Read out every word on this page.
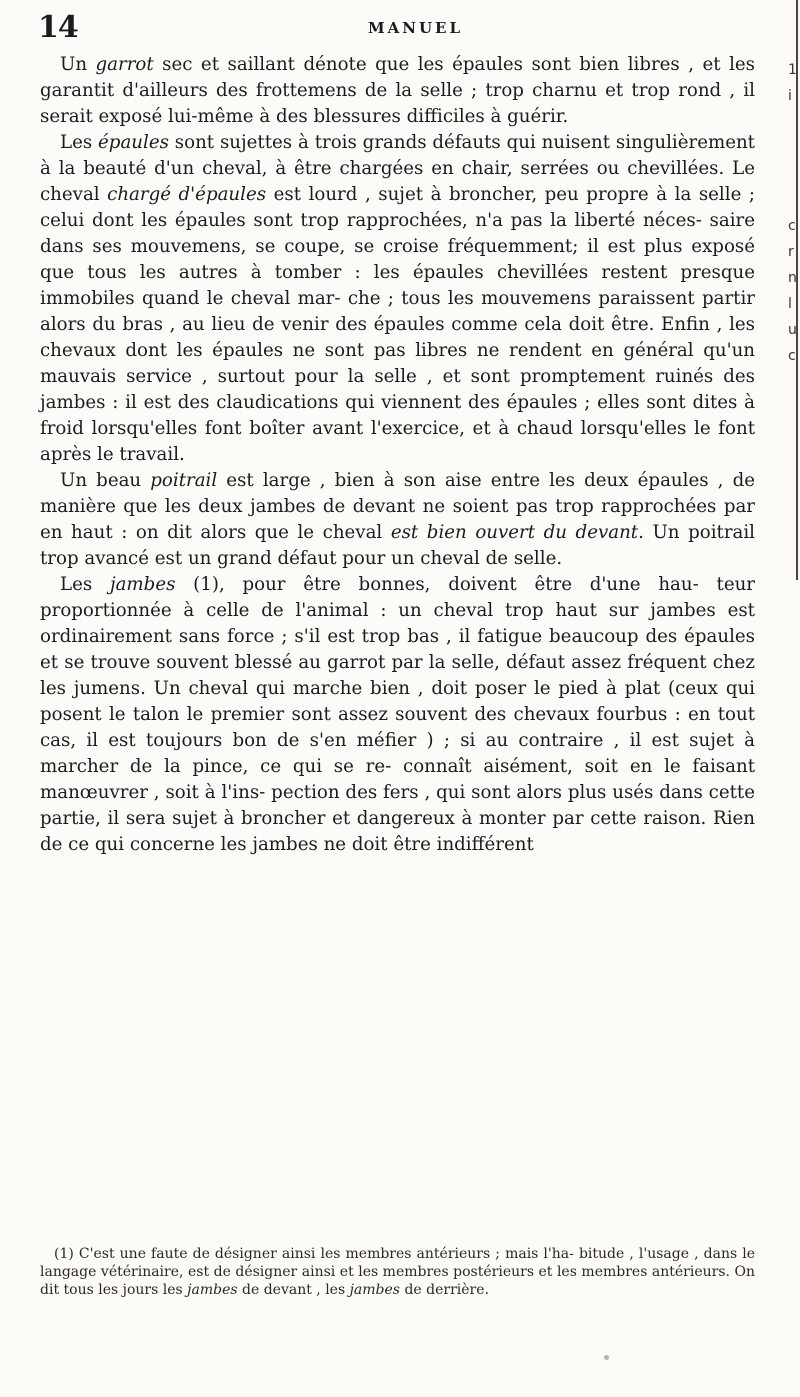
14	MANUEL

Un garrot sec et saillant dénote que les épaules sont bien libres , et les garantit d'ailleurs des frottemens de la selle ; trop charnu et trop rond , il serait exposé lui-même à des blessures difficiles à guérir.

Les épaules sont sujettes à trois grands défauts qui nuisent singulièrement à la beauté d'un cheval, à être chargées en chair, serrées ou chevillées. Le cheval chargé d'épaules est lourd , sujet à broncher, peu propre à la selle ; celui dont les épaules sont trop rapprochées, n'a pas la liberté néces- saire dans ses mouvemens, se coupe, se croise fréquemment; il est plus exposé que tous les autres à tomber : les épaules chevillées restent presque immobiles quand le cheval mar- che ; tous les mouvemens paraissent partir alors du bras , au lieu de venir des épaules comme cela doit être. Enfin , les chevaux dont les épaules ne sont pas libres ne rendent en général qu'un mauvais service , surtout pour la selle , et sont promptement ruinés des jambes : il est des claudications qui viennent des épaules ; elles sont dites à froid lorsqu'elles font boîter avant l'exercice, et à chaud lorsqu'elles le font après le travail.

Un beau poitrail est large , bien à son aise entre les deux épaules , de manière que les deux jambes de devant ne soient pas trop rapprochées par en haut : on dit alors que le cheval est bien ouvert du devant. Un poitrail trop avancé est un grand défaut pour un cheval de selle.

Les jambes (1), pour être bonnes, doivent être d'une hau- teur proportionnée à celle de l'animal : un cheval trop haut sur jambes est ordinairement sans force ; s'il est trop bas , il fatigue beaucoup des épaules et se trouve souvent blessé au garrot par la selle, défaut assez fréquent chez les jumens. Un cheval qui marche bien , doit poser le pied à plat (ceux qui posent le talon le premier sont assez souvent des chevaux fourbus : en tout cas, il est toujours bon de s'en méfier ) ; si au contraire , il est sujet à marcher de la pince, ce qui se re- connaît aisément, soit en le faisant manœuvrer , soit à l'ins- pection des fers , qui sont alors plus usés dans cette partie, il sera sujet à broncher et dangereux à monter par cette raison. Rien de ce qui concerne les jambes ne doit être indifférent

(1) C'est une faute de désigner ainsi les membres antérieurs ; mais l'ha- bitude , l'usage , dans le langage vétérinaire, est de désigner ainsi et les membres postérieurs et les membres antérieurs. On dit tous les jours les jambes de devant , les jambes de derrière.

1
i
c
r
n
l
u
c
